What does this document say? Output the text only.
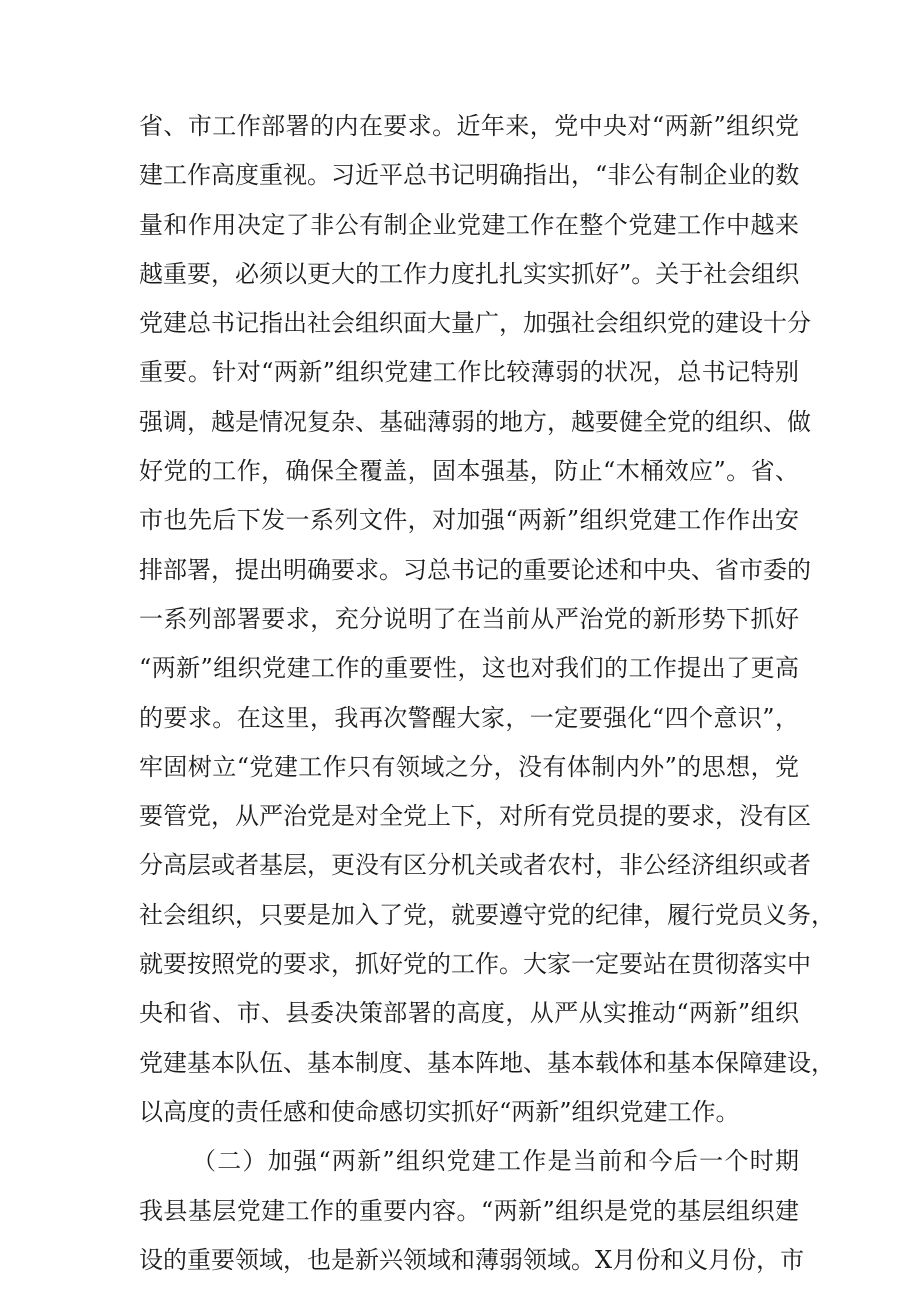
省、市工作部署的内在要求。近年来，党中央对“两新”组织党
建工作高度重视。习近平总书记明确指出，“非公有制企业的数
量和作用决定了非公有制企业党建工作在整个党建工作中越来
越重要，必须以更大的工作力度扎扎实实抓好”。关于社会组织
党建总书记指出社会组织面大量广，加强社会组织党的建设十分
重要。针对“两新”组织党建工作比较薄弱的状况，总书记特别
强调，越是情况复杂、基础薄弱的地方，越要健全党的组织、做
好党的工作，确保全覆盖，固本强基，防止“木桶效应”。省、
市也先后下发一系列文件，对加强“两新”组织党建工作作出安
排部署，提出明确要求。习总书记的重要论述和中央、省市委的
一系列部署要求，充分说明了在当前从严治党的新形势下抓好
“两新”组织党建工作的重要性，这也对我们的工作提出了更高
的要求。在这里，我再次警醒大家，一定要强化“四个意识”，
牢固树立“党建工作只有领域之分，没有体制内外”的思想，党
要管党，从严治党是对全党上下，对所有党员提的要求，没有区
分高层或者基层，更没有区分机关或者农村，非公经济组织或者
社会组织，只要是加入了党，就要遵守党的纪律，履行党员义务，
就要按照党的要求，抓好党的工作。大家一定要站在贯彻落实中
央和省、市、县委决策部署的高度，从严从实推动“两新”组织
党建基本队伍、基本制度、基本阵地、基本载体和基本保障建设，
以高度的责任感和使命感切实抓好“两新”组织党建工作。
（二）加强“两新”组织党建工作是当前和今后一个时期
我县基层党建工作的重要内容。“两新”组织是党的基层组织建
设的重要领域，也是新兴领域和薄弱领域。X月份和义月份，市
